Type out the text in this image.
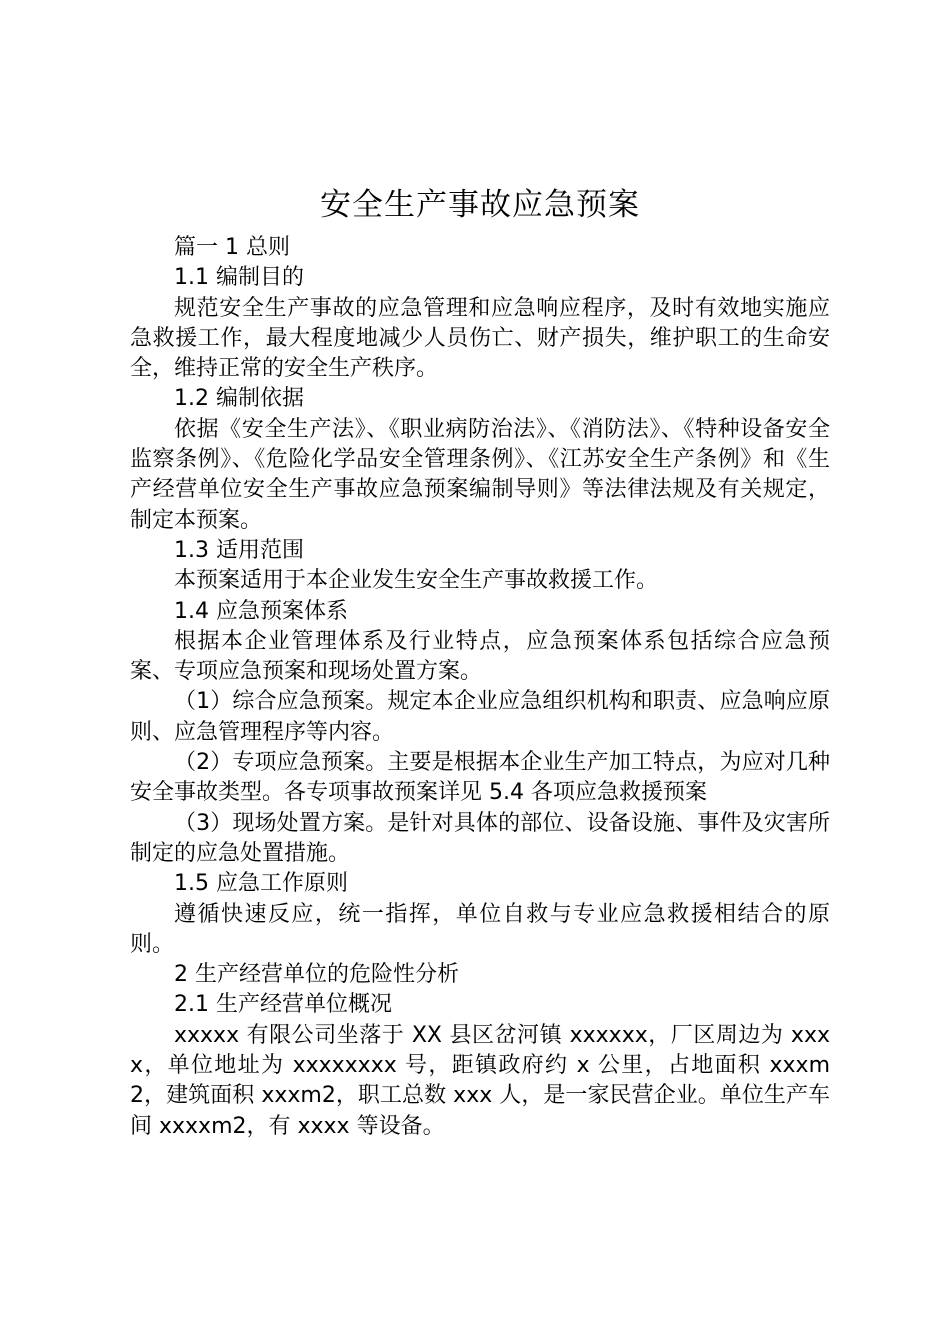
安全生产事故应急预案

篇一 1 总则

1.1 编制目的

规范安全生产事故的应急管理和应急响应程序，及时有效地实施应急救援工作，最大程度地减少人员伤亡、财产损失，维护职工的生命安全，维持正常的安全生产秩序。

1.2 编制依据

依据《安全生产法》、《职业病防治法》、《消防法》、《特种设备安全监察条例》、《危险化学品安全管理条例》、《江苏安全生产条例》和《生产经营单位安全生产事故应急预案编制导则》等法律法规及有关规定，制定本预案。

1.3 适用范围

本预案适用于本企业发生安全生产事故救援工作。

1.4 应急预案体系

根据本企业管理体系及行业特点，应急预案体系包括综合应急预案、专项应急预案和现场处置方案。

（1）综合应急预案。规定本企业应急组织机构和职责、应急响应原则、应急管理程序等内容。

（2）专项应急预案。主要是根据本企业生产加工特点，为应对几种安全事故类型。各专项事故预案详见 5.4 各项应急救援预案

（3）现场处置方案。是针对具体的部位、设备设施、事件及灾害所制定的应急处置措施。

1.5 应急工作原则

遵循快速反应，统一指挥，单位自救与专业应急救援相结合的原则。

2 生产经营单位的危险性分析

2.1 生产经营单位概况

xxxxx 有限公司坐落于 XX 县区岔河镇 xxxxxx，厂区周边为 xxxx，单位地址为 xxxxxxxx 号，距镇政府约 x 公里，占地面积 xxxm2，建筑面积 xxxm2，职工总数 xxx 人，是一家民营企业。单位生产车间 xxxxm2，有 xxxx 等设备。
